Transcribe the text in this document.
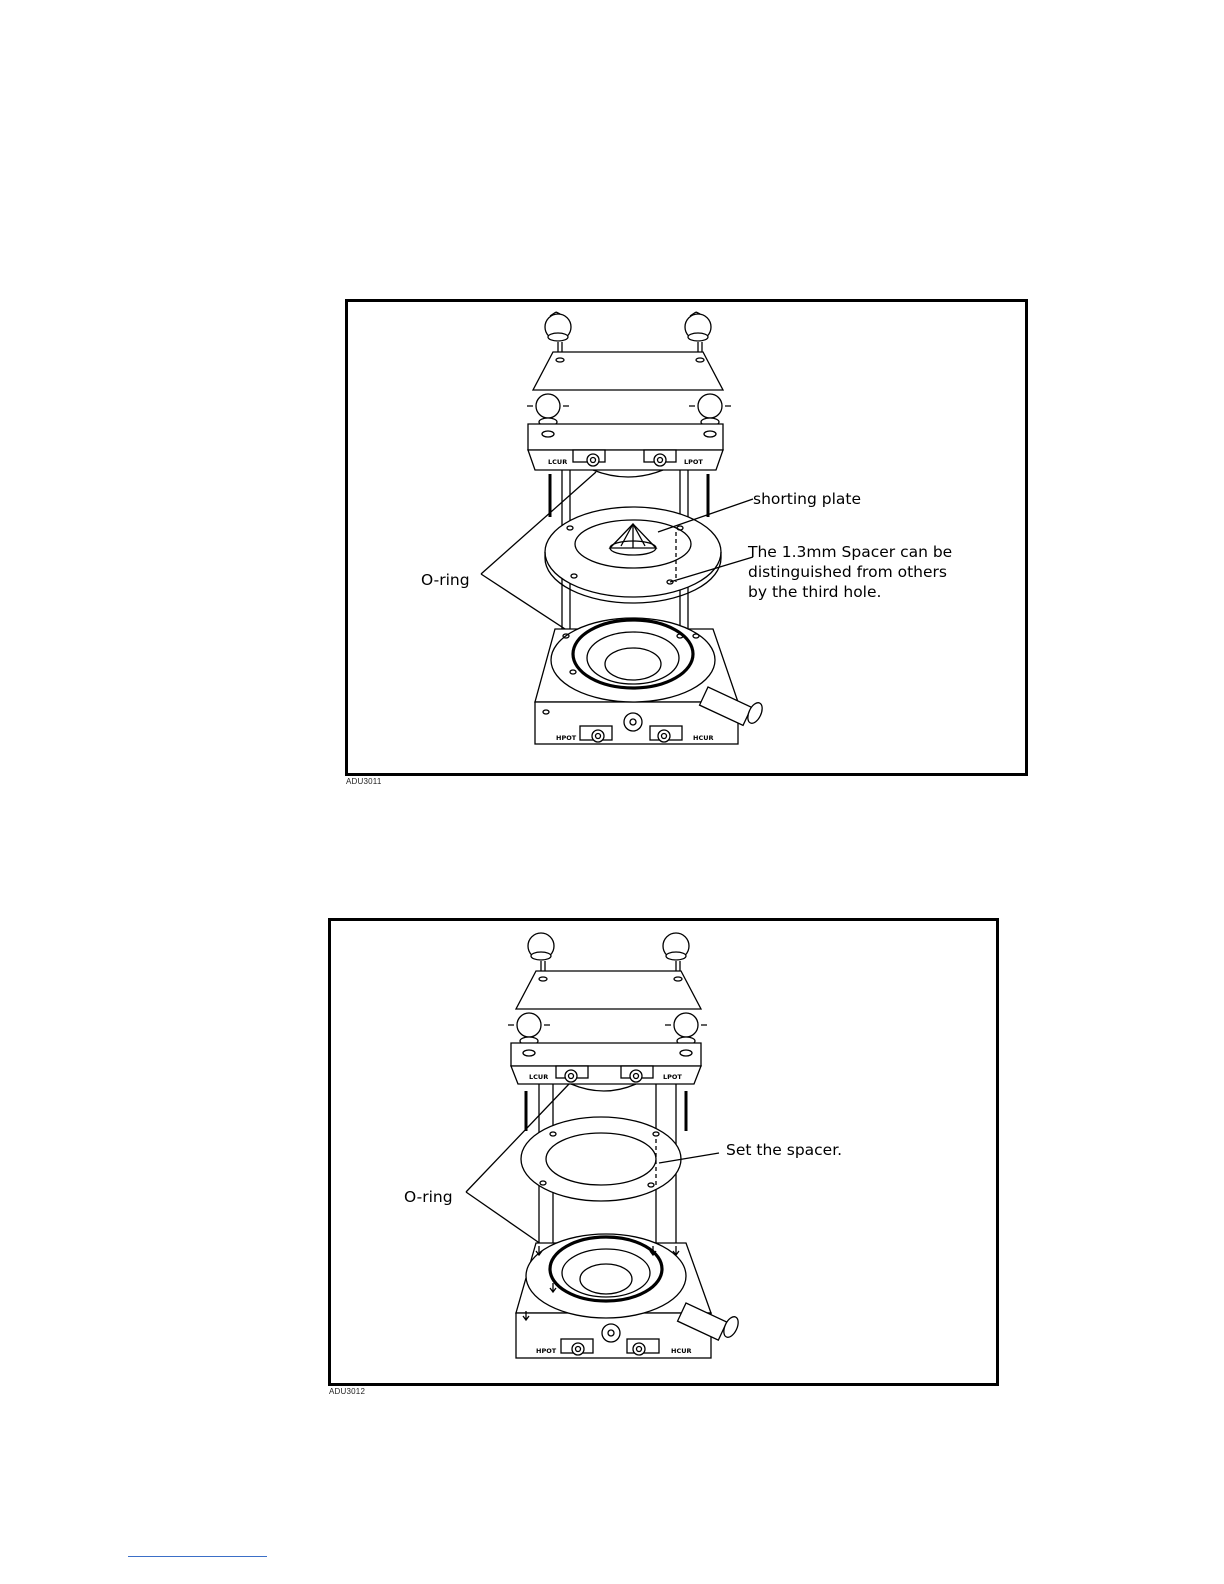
LCUR	LPOT
HPOT	HCUR
shorting plate
The 1.3mm Spacer can be
distinguished from others
by the third hole.
O-ring
ADU3011
LCUR	LPOT
HPOT	HCUR
Set the spacer.
O-ring
ADU3012
